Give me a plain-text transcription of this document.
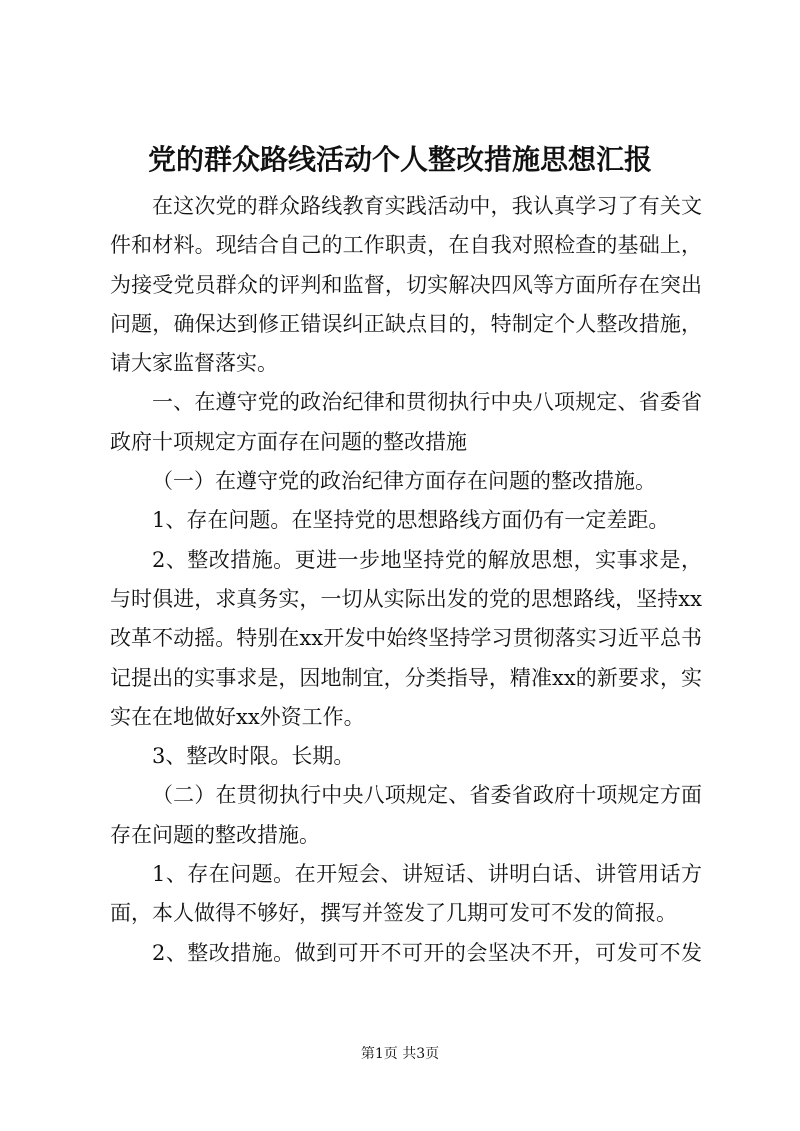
党的群众路线活动个人整改措施思想汇报

在这次党的群众路线教育实践活动中，我认真学习了有关文件和材料。现结合自己的工作职责，在自我对照检查的基础上，为接受党员群众的评判和监督，切实解决四风等方面所存在突出问题，确保达到修正错误纠正缺点目的，特制定个人整改措施，请大家监督落实。

一、在遵守党的政治纪律和贯彻执行中央八项规定、省委省政府十项规定方面存在问题的整改措施

（一）在遵守党的政治纪律方面存在问题的整改措施。

1、存在问题。在坚持党的思想路线方面仍有一定差距。

2、整改措施。更进一步地坚持党的解放思想，实事求是，与时俱进，求真务实，一切从实际出发的党的思想路线，坚持xx改革不动摇。特别在xx开发中始终坚持学习贯彻落实习近平总书记提出的实事求是，因地制宜，分类指导，精准xx的新要求，实实在在地做好xx外资工作。

3、整改时限。长期。

（二）在贯彻执行中央八项规定、省委省政府十项规定方面存在问题的整改措施。

1、存在问题。在开短会、讲短话、讲明白话、讲管用话方面，本人做得不够好，撰写并签发了几期可发可不发的简报。

2、整改措施。做到可开不可开的会坚决不开，可发可不发

第1页 共3页
